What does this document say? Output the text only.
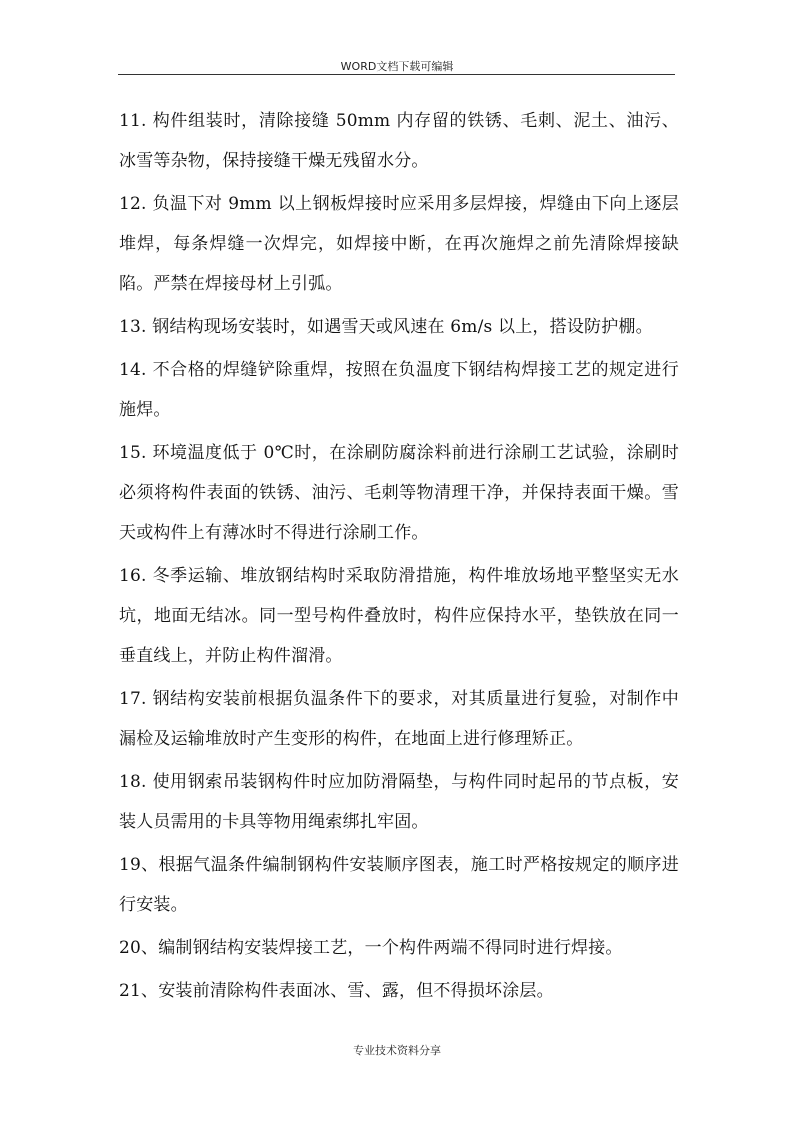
WORD文档下载可编辑

11. 构件组装时，清除接缝 50mm 内存留的铁锈、毛刺、泥土、油污、冰雪等杂物，保持接缝干燥无残留水分。

12. 负温下对 9mm 以上钢板焊接时应采用多层焊接，焊缝由下向上逐层堆焊，每条焊缝一次焊完，如焊接中断，在再次施焊之前先清除焊接缺陷。严禁在焊接母材上引弧。

13. 钢结构现场安装时，如遇雪天或风速在 6m/s 以上，搭设防护棚。

14. 不合格的焊缝铲除重焊，按照在负温度下钢结构焊接工艺的规定进行施焊。

15. 环境温度低于 0℃时，在涂刷防腐涂料前进行涂刷工艺试验，涂刷时必须将构件表面的铁锈、油污、毛刺等物清理干净，并保持表面干燥。雪天或构件上有薄冰时不得进行涂刷工作。

16. 冬季运输、堆放钢结构时采取防滑措施，构件堆放场地平整坚实无水坑，地面无结冰。同一型号构件叠放时，构件应保持水平，垫铁放在同一垂直线上，并防止构件溜滑。

17. 钢结构安装前根据负温条件下的要求，对其质量进行复验，对制作中漏检及运输堆放时产生变形的构件，在地面上进行修理矫正。

18. 使用钢索吊装钢构件时应加防滑隔垫，与构件同时起吊的节点板，安装人员需用的卡具等物用绳索绑扎牢固。

19、根据气温条件编制钢构件安装顺序图表，施工时严格按规定的顺序进行安装。

20、编制钢结构安装焊接工艺，一个构件两端不得同时进行焊接。

21、安装前清除构件表面冰、雪、露，但不得损坏涂层。

专业技术资料分享
